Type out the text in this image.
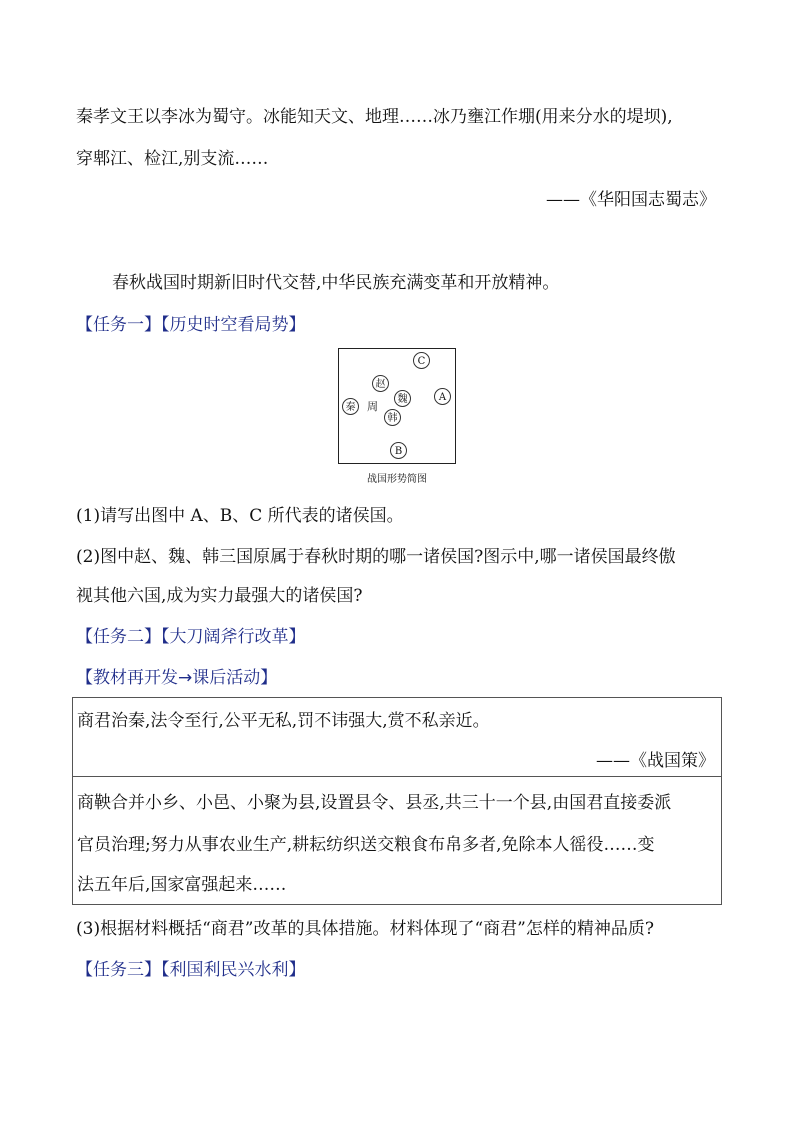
秦孝文王以李冰为蜀守。冰能知天文、地理……冰乃壅江作堋(用来分水的堤坝),
穿郫江、检江,别支流……
——《华阳国志蜀志》
春秋战国时期新旧时代交替,中华民族充满变革和开放精神。
【任务一】【历史时空看局势】
C
赵
A
魏
秦	周
韩
B
战国形势简图
(1)请写出图中 A、B、C 所代表的诸侯国。
(2)图中赵、魏、韩三国原属于春秋时期的哪一诸侯国?图示中,哪一诸侯国最终傲
视其他六国,成为实力最强大的诸侯国?
【任务二】【大刀阔斧行改革】
【教材再开发→课后活动】
商君治秦,法令至行,公平无私,罚不讳强大,赏不私亲近。
——《战国策》
商鞅合并小乡、小邑、小聚为县,设置县令、县丞,共三十一个县,由国君直接委派
官员治理;努力从事农业生产,耕耘纺织送交粮食布帛多者,免除本人徭役……变
法五年后,国家富强起来……
(3)根据材料概括“商君”改革的具体措施。材料体现了“商君”怎样的精神品质?
【任务三】【利国利民兴水利】
